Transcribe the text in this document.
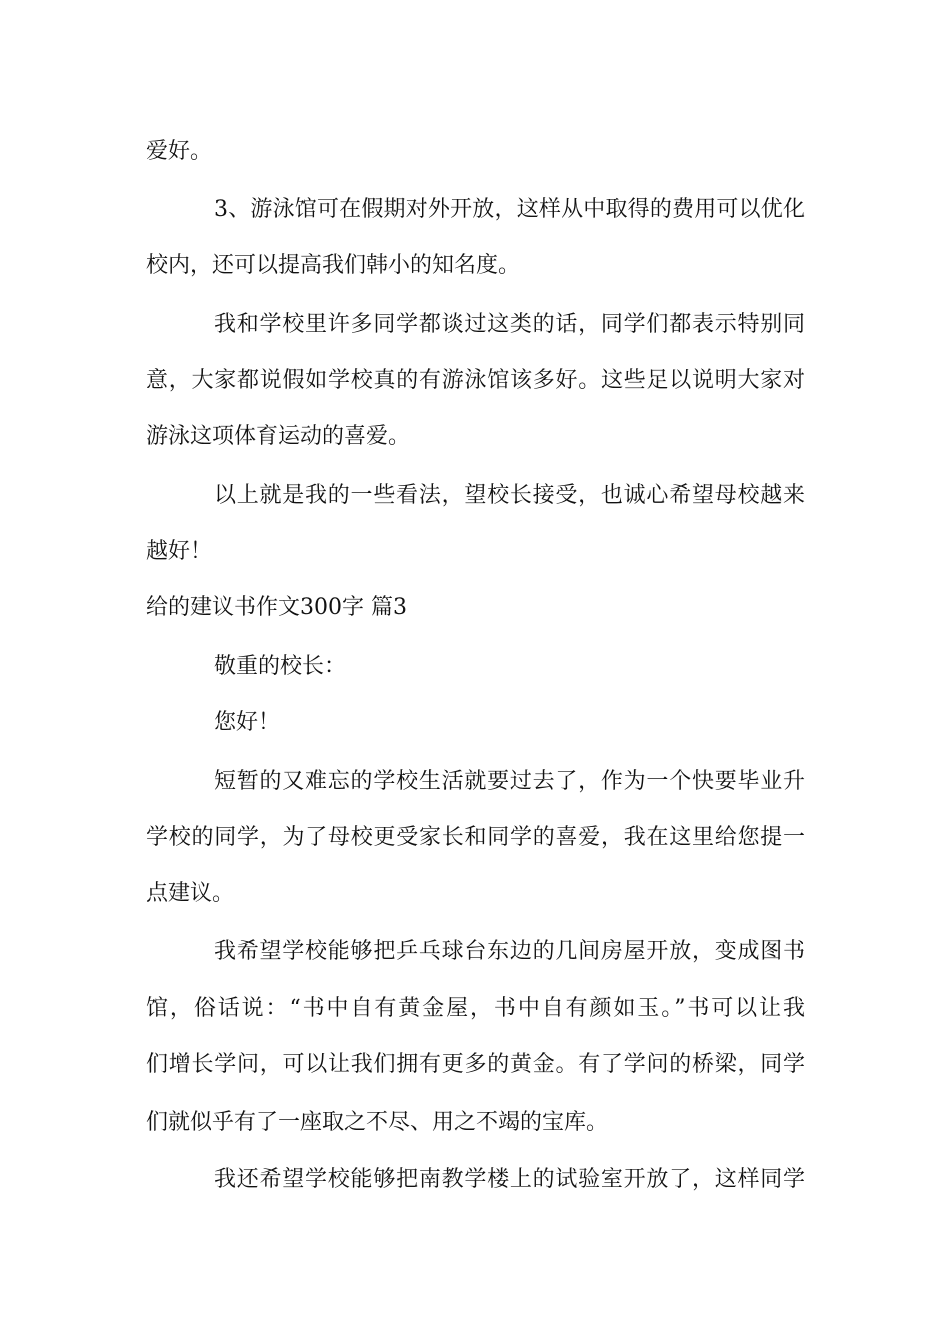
爱好。
3、游泳馆可在假期对外开放，这样从中取得的费用可以优化
校内，还可以提高我们韩小的知名度。
我和学校里许多同学都谈过这类的话，同学们都表示特别同
意，大家都说假如学校真的有游泳馆该多好。这些足以说明大家对
游泳这项体育运动的喜爱。
以上就是我的一些看法，望校长接受，也诚心希望母校越来
越好！
给的建议书作文300字 篇3
敬重的校长：
您好！
短暂的又难忘的学校生活就要过去了，作为一个快要毕业升
学校的同学，为了母校更受家长和同学的喜爱，我在这里给您提一
点建议。
我希望学校能够把乒乓球台东边的几间房屋开放，变成图书
馆，俗话说：“书中自有黄金屋，书中自有颜如玉。”书可以让我
们增长学问，可以让我们拥有更多的黄金。有了学问的桥梁，同学
们就似乎有了一座取之不尽、用之不竭的宝库。
我还希望学校能够把南教学楼上的试验室开放了，这样同学
